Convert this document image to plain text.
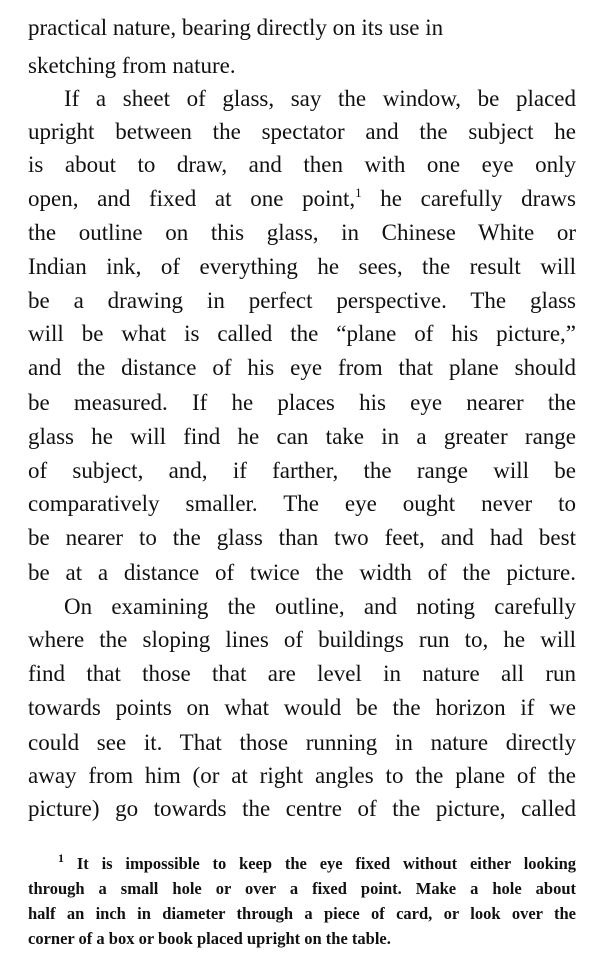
practical nature, bearing directly on its use in
sketching from nature.
If a sheet of glass, say the window, be placed
upright between the spectator and the subject he
is about to draw, and then with one eye only
open, and fixed at one point,$^1$ he carefully draws
the outline on this glass, in Chinese White or
Indian ink, of everything he sees, the result will
be a drawing in perfect perspective. The glass
will be what is called the “plane of his picture,”
and the distance of his eye from that plane should
be measured. If he places his eye nearer the
glass he will find he can take in a greater range
of subject, and, if farther, the range will be
comparatively smaller. The eye ought never to
be nearer to the glass than two feet, and had best
be at a distance of twice the width of the picture.
On examining the outline, and noting carefully
where the sloping lines of buildings run to, he will
find that those that are level in nature all run
towards points on what would be the horizon if we
could see it. That those running in nature directly
away from him (or at right angles to the plane of the
picture) go towards the centre of the picture, called
$^1$ It is impossible to keep the eye fixed without either looking
through a small hole or over a fixed point. Make a hole about
half an inch in diameter through a piece of card, or look over the
corner of a box or book placed upright on the table.
